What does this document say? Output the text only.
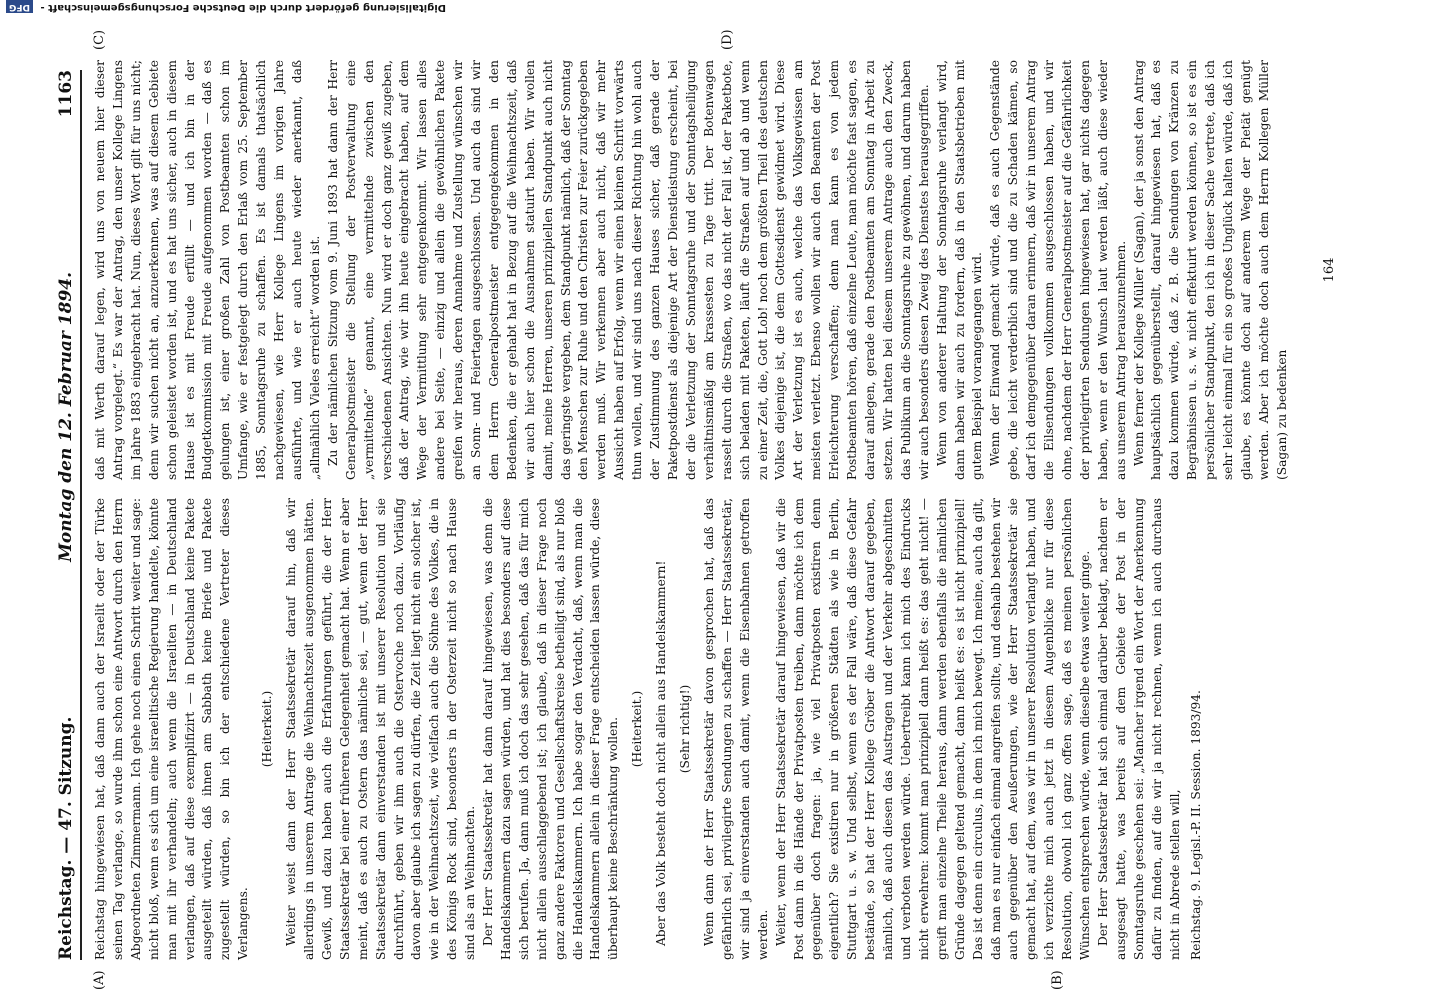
Reichstag. — 47. Sitzung.
Montag den 12. Februar 1894.
1163
(A)	(B)
(C)	(D)

Reichstag hingewiesen hat, daß dann auch der Israelit oder der Türke seinen Tag verlange, so wurde ihm schon eine Antwort durch den Herrn Abgeordneten Zimmermann. Ich gehe noch einen Schritt weiter und sage: nicht bloß, wenn es sich um eine israelitische Regierung handelte, könnte man mit ihr verhandeln; auch wenn die Israeliten — in Deutschland verlangen, daß auf diese exemplifizirt — in Deutschland keine Pakete ausgeteilt würden, daß ihnen am Sabbath keine Briefe und Pakete zugestellt würden, so bin ich der entschiedene Vertreter dieses Verlangens.

(Heiterkeit.) Weiter weist dann der Herr Staatssekretär darauf hin, daß wir allerdings in unserem Antrage die Weihnachtszeit ausgenommen hätten. Gewiß, und dazu haben auch die Erfahrungen geführt, die der Herr Staatssekretär bei einer früheren Gelegenheit gemacht hat. Wenn er aber meint, daß es auch zu Ostern das nämliche sei, — gut, wenn der Herr Staatssekretär dann einverstanden ist mit unserer Resolution und sie durchführt, geben wir ihm auch die Ostervoche noch dazu. Vorläufig davon aber glaube ich sagen zu dürfen, die Zeit liegt nicht ein solcher ist, wie in der Weihnachtszeit, wie vielfach auch die Söhne des Volkes, die in des Königs Rock sind, besonders in der Osterzeit nicht so nach Hause sind als an Weihnachten. Der Herr Staatssekretär hat dann darauf hingewiesen, was denn die Handelskammern dazu sagen würden, und hat dies besonders auf diese sich berufen. Ja, dann muß ich doch das sehr gesehen, daß das für mich nicht allein ausschlaggebend ist; ich glaube, daß in dieser Frage noch ganz andere Faktoren und Gesellschaftskreise betheiligt sind, als nur bloß die Handelskammern. Ich habe sogar den Verdacht, daß, wenn man die Handelskammern allein in dieser Frage entscheiden lassen würde, diese überhaupt keine Beschränkung wollen. (Heiterkeit.) Aber das Volk besteht doch nicht allein aus Handelskammern! (Sehr richtig!) Wenn dann der Herr Staatssekretär davon gesprochen hat, daß das gefährlich sei, privilegirte Sendungen zu schaffen — Herr Staatssekretär, wir sind ja einverstanden auch damit, wenn die Eisenbahnen getroffen werden. Weiter, wenn der Herr Staatssekretär darauf hingewiesen, daß wir die Post dann in die Hände der Privatposten treiben, dann möchte ich dem gegenüber doch fragen: ja, wie viel Privatposten existiren denn eigentlich? Sie existiren nur in größeren Städten als wie in Berlin, Stuttgart u. s. w. Und selbst, wenn es der Fall wäre, daß diese Gefahr bestände, so hat der Herr Kollege Gröber die Antwort darauf gegeben, nämlich, daß auch diesen das Austragen und der Verkehr abgeschnitten und verboten werden würde. Uebertreibt kann ich mich des Eindrucks nicht erwehren: kommt man prinzipiell dann heißt es: das geht nicht! — greift man einzelne Theile heraus, dann werden ebenfalls die nämlichen Gründe dagegen geltend gemacht, dann heißt es: es ist nicht prinzipiell! Das ist denn ein circulus, in dem ich mich bewegt. Ich meine, auch da gilt, daß man es nur einfach einmal angreifen sollte, und deshalb bestehen wir auch gegenüber den Aeußerungen, wie der Herr Staatssekretär sie gemacht hat, auf dem, was wir in unserer Resolution verlangt haben, und ich verzichte mich auch jetzt in diesem Augenblicke nur für diese Resolution, obwohl ich ganz offen sage, daß es meinen persönlichen Wünschen entsprechen würde, wenn dieselbe etwas weiter ginge. Der Herr Staatssekretär hat sich einmal darüber beklagt, nachdem er ausgesagt hatte, was bereits auf dem Gebiete der Post in der Sonntagsruhe geschehen sei: „Mancher irgend ein Wort der Anerkennung dafür zu finden, auf die wir ja nicht rechnen, wenn ich auch durchaus nicht in Abrede stellen will, Reichstag. 9. Legisl.-P. II. Session. 1893/94.

daß mit Werth darauf legen, wird uns von neuem hier dieser Antrag vorgelegt.“ Es war der Antrag, den unser Kollege Lingens im Jahre 1883 eingebracht hat. Nun, dieses Wort gilt für uns nicht; denn wir suchen nicht an, anzuerkennen, was auf diesem Gebiete schon geleistet worden ist, und es hat uns sicher, auch in diesem Hause ist es mit Freude erfüllt — und ich bin in der Budgetkommission mit Freude aufgenommen worden — daß es gelungen ist, einer großen Zahl von Postbeamten schon im Umfange, wie er festgelegt durch den Erlaß vom 25. September 1885, Sonntagsruhe zu schaffen. Es ist damals thatsächlich nachgewiesen, wie Herr Kollege Lingens im vorigen Jahre ausführte, und wie er auch heute wieder anerkannt, daß „allmählich Vieles erreicht“ worden ist. Zu der nämlichen Sitzung vom 9. Juni 1893 hat dann der Herr Generalpostmeister die Stellung der Postverwaltung eine „vermittelnde“ genannt, eine vermittelnde zwischen den verschiedenen Ansichten. Nun wird er doch ganz gewiß zugeben, daß der Antrag, wie wir ihn heute eingebracht haben, auf dem Wege der Vermittlung sehr entgegenkommt. Wir lassen alles andere bei Seite, — einzig und allein die gewöhnlichen Pakete greifen wir heraus, deren Annahme und Zustellung wünschen wir an Sonn- und Feiertagen ausgeschlossen. Und auch da sind wir dem Herrn Generalpostmeister entgegengekommen in den Bedenken, die er gehabt hat in Bezug auf die Weihnachtszeit, daß wir auch hier schon die Ausnahmen statuirt haben. Wir wollen damit, meine Herren, unseren prinzipiellen Standpunkt auch nicht das geringste vergeben, dem Standpunkt nämlich, daß der Sonntag den Menschen zur Ruhe und den Christen zur Feier zurückgegeben werden muß. Wir verkennen aber auch nicht, daß wir mehr Aussicht haben auf Erfolg, wenn wir einen kleinen Schritt vorwärts thun wollen, und wir sind uns nach dieser Richtung hin wohl auch der Zustimmung des ganzen Hauses sicher, daß gerade der Paketpostdienst als diejenige Art der Dienstleistung erscheint, bei der die Verletzung der Sonntagsruhe und der Sonntagsheiligung verhältnismäßig am krassesten zu Tage tritt. Der Botenwagen rasselt durch die Straßen, wo das nicht der Fall ist, der Paketbote, sich beladen mit Paketen, läuft die Straßen auf und ab und wenn zu einer Zeit, die, Gott Lob! noch dem größten Theil des deutschen Volkes diejenige ist, die dem Gottesdienst gewidmet wird. Diese Art der Verletzung ist es auch, welche das Volksgewissen am meisten verletzt. Ebenso wollen wir auch den Beamten der Post Erleichterung verschaffen; denn man kann es von jedem Postbeamten hören, daß einzelne Leute, man möchte fast sagen, es darauf anlegen, gerade den Postbeamten am Sonntag in Arbeit zu setzen. Wir hatten bei diesem unserem Antrage auch den Zweck, das Publikum an die Sonntagsruhe zu gewöhnen, und darum haben wir auch besonders diesen Zweig des Dienstes herausgegriffen. Wenn von anderer Haltung der Sonntagsruhe verlangt wird, dann haben wir auch zu fordern, daß in den Staatsbetrieben mit gutem Beispiel vorangegangen wird. Wenn der Einwand gemacht würde, daß es auch Gegenstände gebe, die leicht verderblich sind und die zu Schaden kämen, so darf ich demgegenüber daran erinnern, daß wir in unserem Antrag die Eilsendungen vollkommen ausgeschlossen haben, und wir ohne, nachdem der Herr Generalpostmeister auf die Gefährlichkeit der privilegirten Sendungen hingewiesen hat, gar nichts dagegen haben, wenn er den Wunsch laut werden läßt, auch diese wieder aus unserem Antrag herauszunehmen. Wenn ferner der Kollege Müller (Sagan), der ja sonst den Antrag hauptsächlich gegenüberstellt, darauf hingewiesen hat, daß es dazu kommen würde, daß z. B. die Sendungen von Kränzen zu Begräbnissen u. s. w. nicht effektuirt werden können, so ist es ein persönlicher Standpunkt, den ich in dieser Sache vertrete, daß ich sehr leicht einmal für ein so großes Unglück halten würde, daß ich glaube, es könnte doch auf anderem Wege der Pietät genügt werden. Aber ich möchte doch auch dem Herrn Kollegen Müller (Sagan) zu bedenken

164
Digitalisierung gefördert durch die Deutsche Forschungsgemeinschaft - DFG
